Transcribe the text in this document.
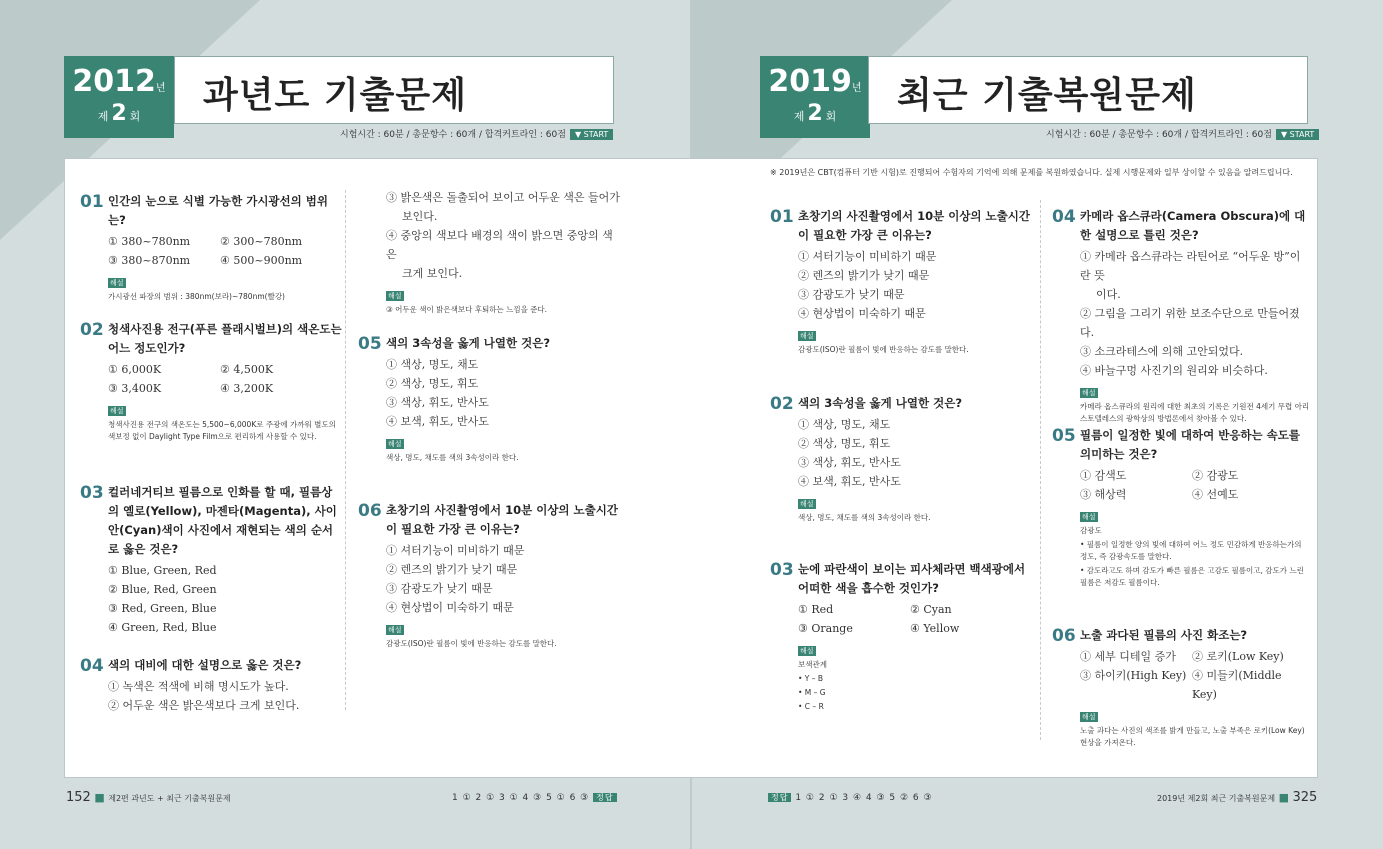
2012년
제 2 회
과년도 기출문제
시험시간 : 60분 / 총문항수 : 60개 / 합격커트라인 : 60점 ▼ START
2019년
제 2 회
최근 기출복원문제
시험시간 : 60분 / 총문항수 : 60개 / 합격커트라인 : 60점 ▼ START
※ 2019년은 CBT(컴퓨터 기반 시험)로 진행되어 수험자의 기억에 의해 문제를 복원하였습니다. 실제 시행문제와 일부 상이할 수 있음을 알려드립니다.
01 인간의 눈으로 식별 가능한 가시광선의 범위는?
① 380~780nm	② 300~780nm
③ 380~870nm	④ 500~900nm
해설
가시광선 파장의 범위 : 380nm(보라)~780nm(빨강)
02 청색사진용 전구(푸른 플래시벌브)의 색온도는 어느 정도인가?
① 6,000K	② 4,500K
③ 3,400K	④ 3,200K
해설
청색사진용 전구의 색온도는 5,500~6,000K로 주광에 가까워 별도의 색보정 없이 Daylight Type Film으로 편리하게 사용할 수 있다.
03 컬러네거티브 필름으로 인화를 할 때, 필름상의 옐로(Yellow), 마젠타(Magenta), 사이안(Cyan)색이 사진에서 재현되는 색의 순서로 옳은 것은?
① Blue, Green, Red
② Blue, Red, Green
③ Red, Green, Blue
④ Green, Red, Blue
04 색의 대비에 대한 설명으로 옳은 것은?
① 녹색은 적색에 비해 명시도가 높다.
② 어두운 색은 밝은색보다 크게 보인다.
③ 밝은색은 돌출되어 보이고 어두운 색은 들어가
보인다.
④ 중앙의 색보다 배경의 색이 밝으면 중앙의 색은
크게 보인다.
해설
③ 어두운 색이 밝은색보다 후퇴하는 느낌을 준다.
05 색의 3속성을 옳게 나열한 것은?
① 색상, 명도, 채도
② 색상, 명도, 휘도
③ 색상, 휘도, 반사도
④ 보색, 휘도, 반사도
해설
색상, 명도, 채도를 색의 3속성이라 한다.
06 초창기의 사진촬영에서 10분 이상의 노출시간이 필요한 가장 큰 이유는?
① 셔터기능이 미비하기 때문
② 렌즈의 밝기가 낮기 때문
③ 감광도가 낮기 때문
④ 현상법이 미숙하기 때문
해설
감광도(ISO)란 필름이 빛에 반응하는 감도를 말한다.
01 초창기의 사진촬영에서 10분 이상의 노출시간이 필요한 가장 큰 이유는?
① 셔터기능이 미비하기 때문
② 렌즈의 밝기가 낮기 때문
③ 감광도가 낮기 때문
④ 현상법이 미숙하기 때문
해설
감광도(ISO)란 필름이 빛에 반응하는 감도를 말한다.
02 색의 3속성을 옳게 나열한 것은?
① 색상, 명도, 채도
② 색상, 명도, 휘도
③ 색상, 휘도, 반사도
④ 보색, 휘도, 반사도
해설
색상, 명도, 채도를 색의 3속성이라 한다.
03 눈에 파란색이 보이는 피사체라면 백색광에서 어떠한 색을 흡수한 것인가?
① Red	② Cyan
③ Orange	④ Yellow
해설
보색관계
• Y – B
• M – G
• C – R
04 카메라 옵스큐라(Camera Obscura)에 대한 설명으로 틀린 것은?
① 카메라 옵스큐라는 라틴어로 “어두운 방”이란 뜻
이다.
② 그림을 그리기 위한 보조수단으로 만들어졌다.
③ 소크라테스에 의해 고안되었다.
④ 바늘구멍 사진기의 원리와 비슷하다.
해설
카메라 옵스큐라의 원리에 대한 최초의 기록은 기원전 4세기 무렵 아리스토텔레스의 광학상의 방법론에서 찾아볼 수 있다.
05 필름이 일정한 빛에 대하여 반응하는 속도를 의미하는 것은?
① 감색도	② 감광도
③ 해상력	④ 선예도
해설
감광도
• 필름이 일정한 양의 빛에 대하여 어느 정도 민감하게 반응하는가의 정도, 즉 감광속도를 말한다.
• 감도라고도 하며 감도가 빠른 필름은 고감도 필름이고, 감도가 느린 필름은 저감도 필름이다.
06 노출 과다된 필름의 사진 화조는?
① 세부 디테일 증가	② 로키(Low Key)
③ 하이키(High Key) ④ 미들키(Middle Key)
해설
노출 과다는 사진의 색조를 밝게 만들고, 노출 부족은 로키(Low Key)현상을 가져온다.
152 ■ 제2편 과년도 + 최근 기출복원문제	1 ① 2 ① 3 ① 4 ③ 5 ① 6 ③ 정답	정답 1 ① 2 ① 3 ④ 4 ③ 5 ② 6 ③	2019년 제2회 최근 기출복원문제 ■ 325
